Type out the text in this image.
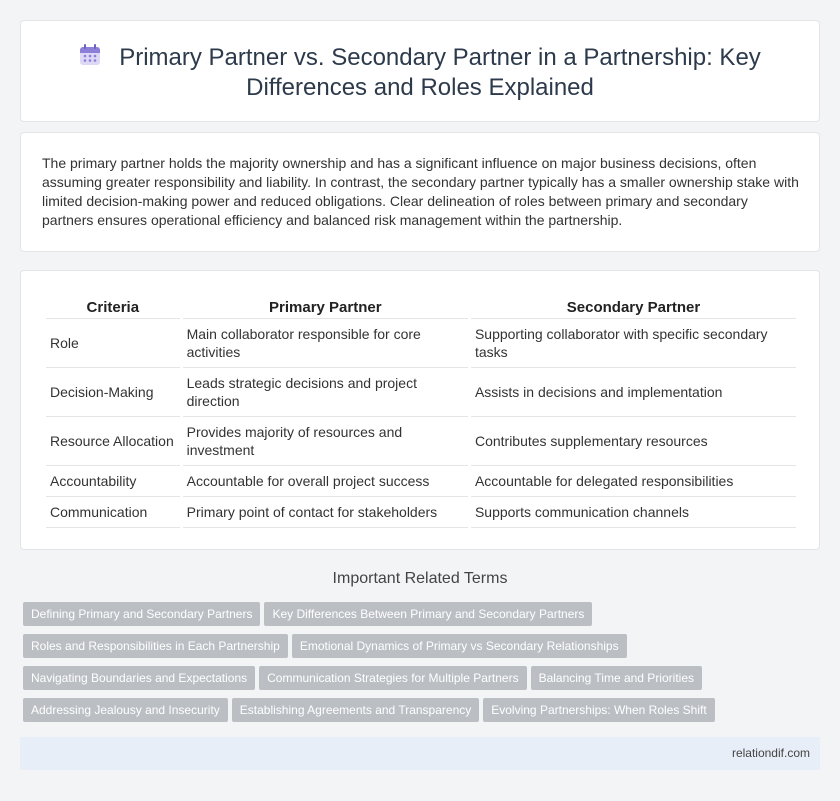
Primary Partner vs. Secondary Partner in a Partnership: Key
Differences and Roles Explained

The primary partner holds the majority ownership and has a significant influence on major business decisions, often assuming greater responsibility and liability. In contrast, the secondary partner typically has a smaller ownership stake with limited decision-making power and reduced obligations. Clear delineation of roles between primary and secondary partners ensures operational efficiency and balanced risk management within the partnership.

Criteria	Primary Partner	Secondary Partner
Role	Main collaborator responsible for core activities	Supporting collaborator with specific secondary tasks
Decision-Making	Leads strategic decisions and project direction	Assists in decisions and implementation
Resource Allocation	Provides majority of resources and investment	Contributes supplementary resources
Accountability	Accountable for overall project success	Accountable for delegated responsibilities
Communication	Primary point of contact for stakeholders	Supports communication channels
Important Related Terms
Defining Primary and Secondary Partners Key Differences Between Primary and Secondary Partners
Roles and Responsibilities in Each Partnership Emotional Dynamics of Primary vs Secondary Relationships
Navigating Boundaries and Expectations Communication Strategies for Multiple Partners Balancing Time and Priorities
Addressing Jealousy and Insecurity Establishing Agreements and Transparency Evolving Partnerships: When Roles Shift
relationdif.com
